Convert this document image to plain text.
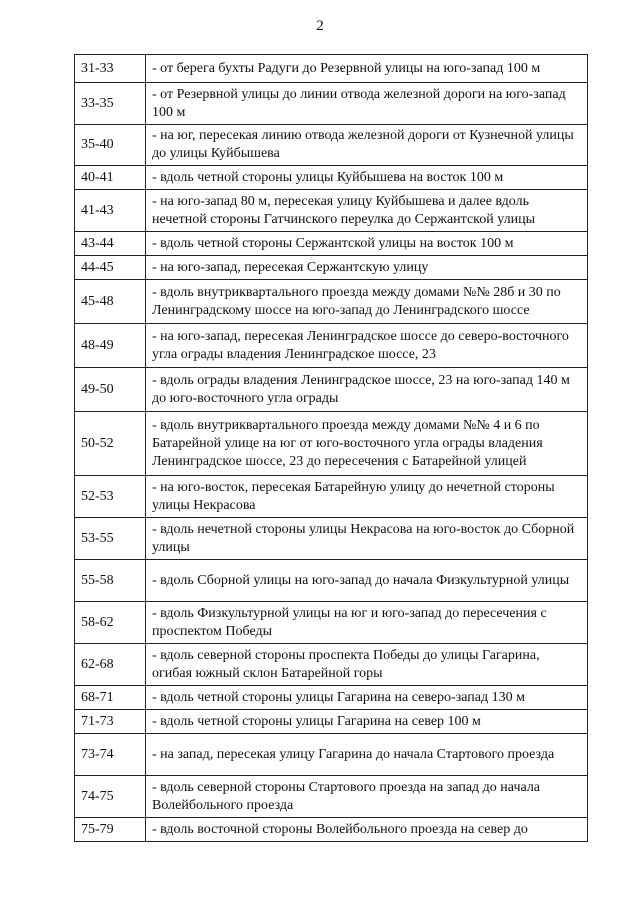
2
31-33	- от берега бухты Радуги до Резервной улицы на юго-запад 100 м
33-35	- от Резервной улицы до линии отвода железной дороги на юго-запад 100 м
35-40	- на юг, пересекая линию отвода железной дороги от Кузнечной улицы до улицы Куйбышева
40-41	- вдоль четной стороны улицы Куйбышева на восток 100 м
41-43	- на юго-запад 80 м, пересекая улицу Куйбышева и далее вдоль нечетной стороны Гатчинского переулка до Сержантской улицы
43-44	- вдоль четной стороны Сержантской улицы на восток 100 м
44-45	- на юго-запад, пересекая Сержантскую улицу
45-48	- вдоль внутриквартального проезда между домами №№ 28б и 30 по Ленинградскому шоссе на юго-запад до Ленинградского шоссе
48-49	- на юго-запад, пересекая Ленинградское шоссе до северо-восточного угла ограды владения Ленинградское шоссе, 23
49-50	- вдоль ограды владения Ленинградское шоссе, 23 на юго-запад 140 м до юго-восточного угла ограды
50-52	- вдоль внутриквартального проезда между домами №№ 4 и 6 по Батарейной улице на юг от юго-восточного угла ограды владения Ленинградское шоссе, 23 до пересечения с Батарейной улицей
52-53	- на юго-восток, пересекая Батарейную улицу до нечетной стороны улицы Некрасова
53-55	- вдоль нечетной стороны улицы Некрасова на юго-восток до Сборной улицы
55-58	- вдоль Сборной улицы на юго-запад до начала Физкультурной улицы
58-62	- вдоль Физкультурной улицы на юг и юго-запад до пересечения с проспектом Победы
62-68	- вдоль северной стороны проспекта Победы до улицы Гагарина, огибая южный склон Батарейной горы
68-71	- вдоль четной стороны улицы Гагарина на северо-запад 130 м
71-73	- вдоль четной стороны улицы Гагарина на север 100 м
73-74	- на запад, пересекая улицу Гагарина до начала Стартового проезда
74-75	- вдоль северной стороны Стартового проезда на запад до начала Волейбольного проезда
75-79	- вдоль восточной стороны Волейбольного проезда на север до
